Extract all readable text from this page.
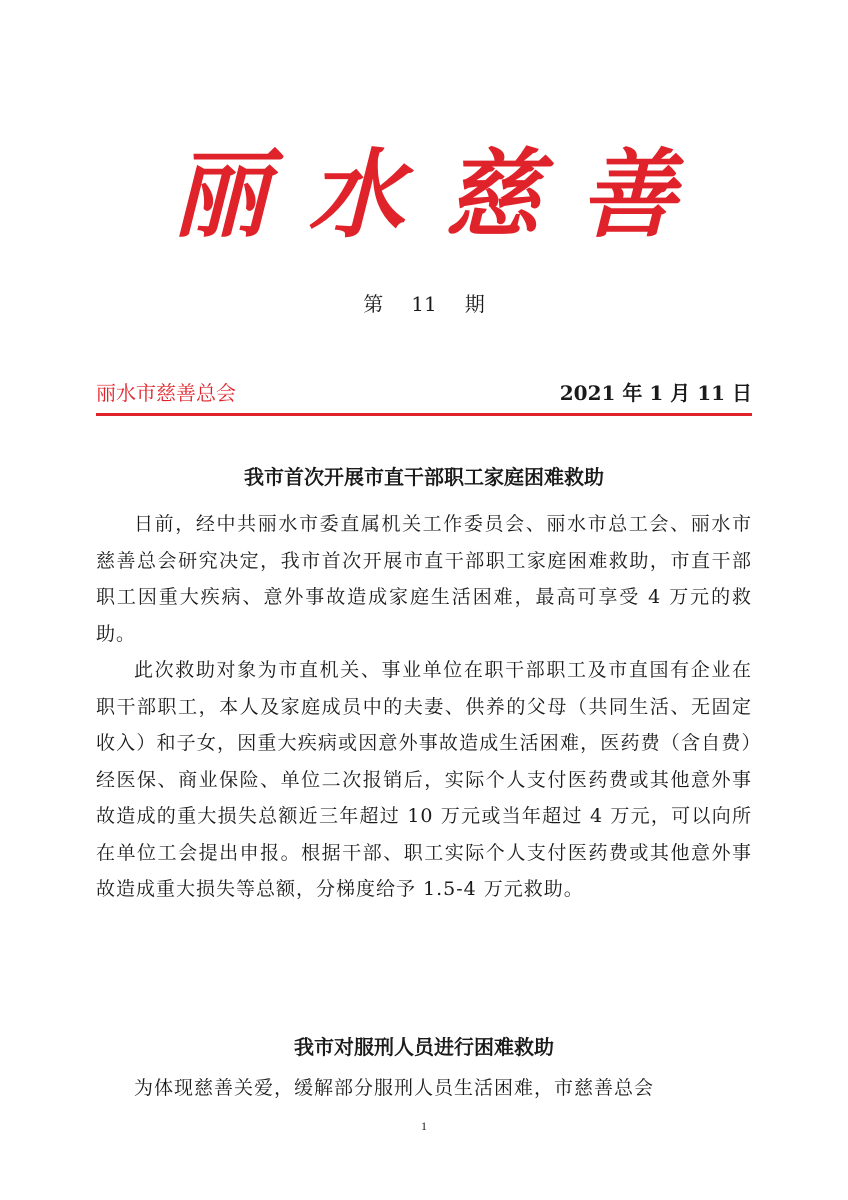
丽水慈善
第 11 期
丽水市慈善总会	2021 年 1 月 11 日
我市首次开展市直干部职工家庭困难救助

日前，经中共丽水市委直属机关工作委员会、丽水市总工会、丽水市慈善总会研究决定，我市首次开展市直干部职工家庭困难救助，市直干部职工因重大疾病、意外事故造成家庭生活困难，最高可享受 4 万元的救助。

此次救助对象为市直机关、事业单位在职干部职工及市直国有企业在职干部职工，本人及家庭成员中的夫妻、供养的父母（共同生活、无固定收入）和子女，因重大疾病或因意外事故造成生活困难，医药费（含自费）经医保、商业保险、单位二次报销后，实际个人支付医药费或其他意外事故造成的重大损失总额近三年超过 10 万元或当年超过 4 万元，可以向所在单位工会提出申报。根据干部、职工实际个人支付医药费或其他意外事故造成重大损失等总额，分梯度给予 1.5-4 万元救助。

我市对服刑人员进行困难救助

为体现慈善关爱，缓解部分服刑人员生活困难，市慈善总会

1
